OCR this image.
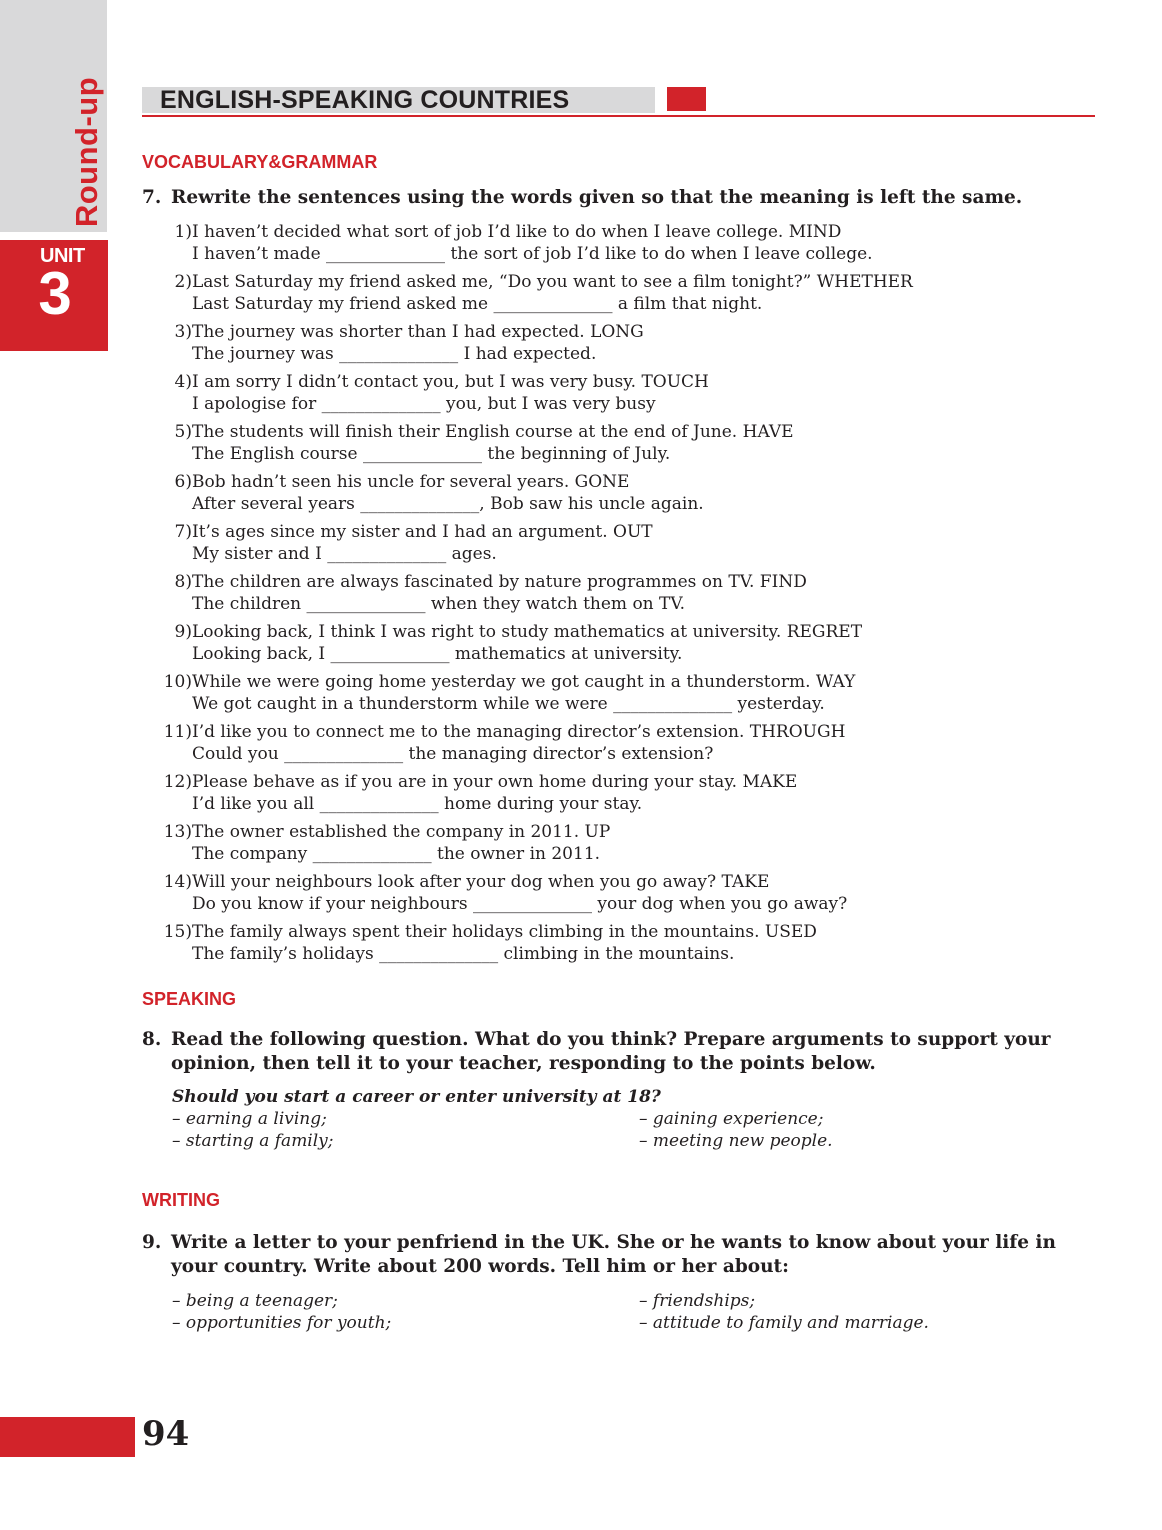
Round-up
UNIT
3
ENGLISH-SPEAKING COUNTRIES
VOCABULARY&GRAMMAR
7. Rewrite the sentences using the words given so that the meaning is left the same.
1) I haven’t decided what sort of job I’d like to do when I leave college. MIND
I haven’t made ______________ the sort of job I’d like to do when I leave college.
2) Last Saturday my friend asked me, “Do you want to see a film tonight?” WHETHER
Last Saturday my friend asked me ______________ a film that night.
3) The journey was shorter than I had expected. LONG
The journey was ______________ I had expected.
4) I am sorry I didn’t contact you, but I was very busy. TOUCH
I apologise for ______________ you, but I was very busy
5) The students will finish their English course at the end of June. HAVE
The English course ______________ the beginning of July.
6) Bob hadn’t seen his uncle for several years. GONE
After several years ______________, Bob saw his uncle again.
7) It’s ages since my sister and I had an argument. OUT
My sister and I ______________ ages.
8) The children are always fascinated by nature programmes on TV. FIND
The children ______________ when they watch them on TV.
9) Looking back, I think I was right to study mathematics at university. REGRET
Looking back, I ______________ mathematics at university.
10) While we were going home yesterday we got caught in a thunderstorm. WAY
We got caught in a thunderstorm while we were ______________ yesterday.
11) I’d like you to connect me to the managing director’s extension. THROUGH
Could you ______________ the managing director’s extension?
12) Please behave as if you are in your own home during your stay. MAKE
I’d like you all ______________ home during your stay.
13) The owner established the company in 2011. UP
The company ______________ the owner in 2011.
14) Will your neighbours look after your dog when you go away? TAKE
Do you know if your neighbours ______________ your dog when you go away?
15) The family always spent their holidays climbing in the mountains. USED
The family’s holidays ______________ climbing in the mountains.
SPEAKING
8. Read the following question. What do you think? Prepare arguments to support your opinion, then tell it to your teacher, responding to the points below.
Should you start a career or enter university at 18?
– earning a living;
– starting a family;
– gaining experience;
– meeting new people.
WRITING
9. Write a letter to your penfriend in the UK. She or he wants to know about your life in your country. Write about 200 words. Tell him or her about:
– being a teenager;
– opportunities for youth;
– friendships;
– attitude to family and marriage.
94
